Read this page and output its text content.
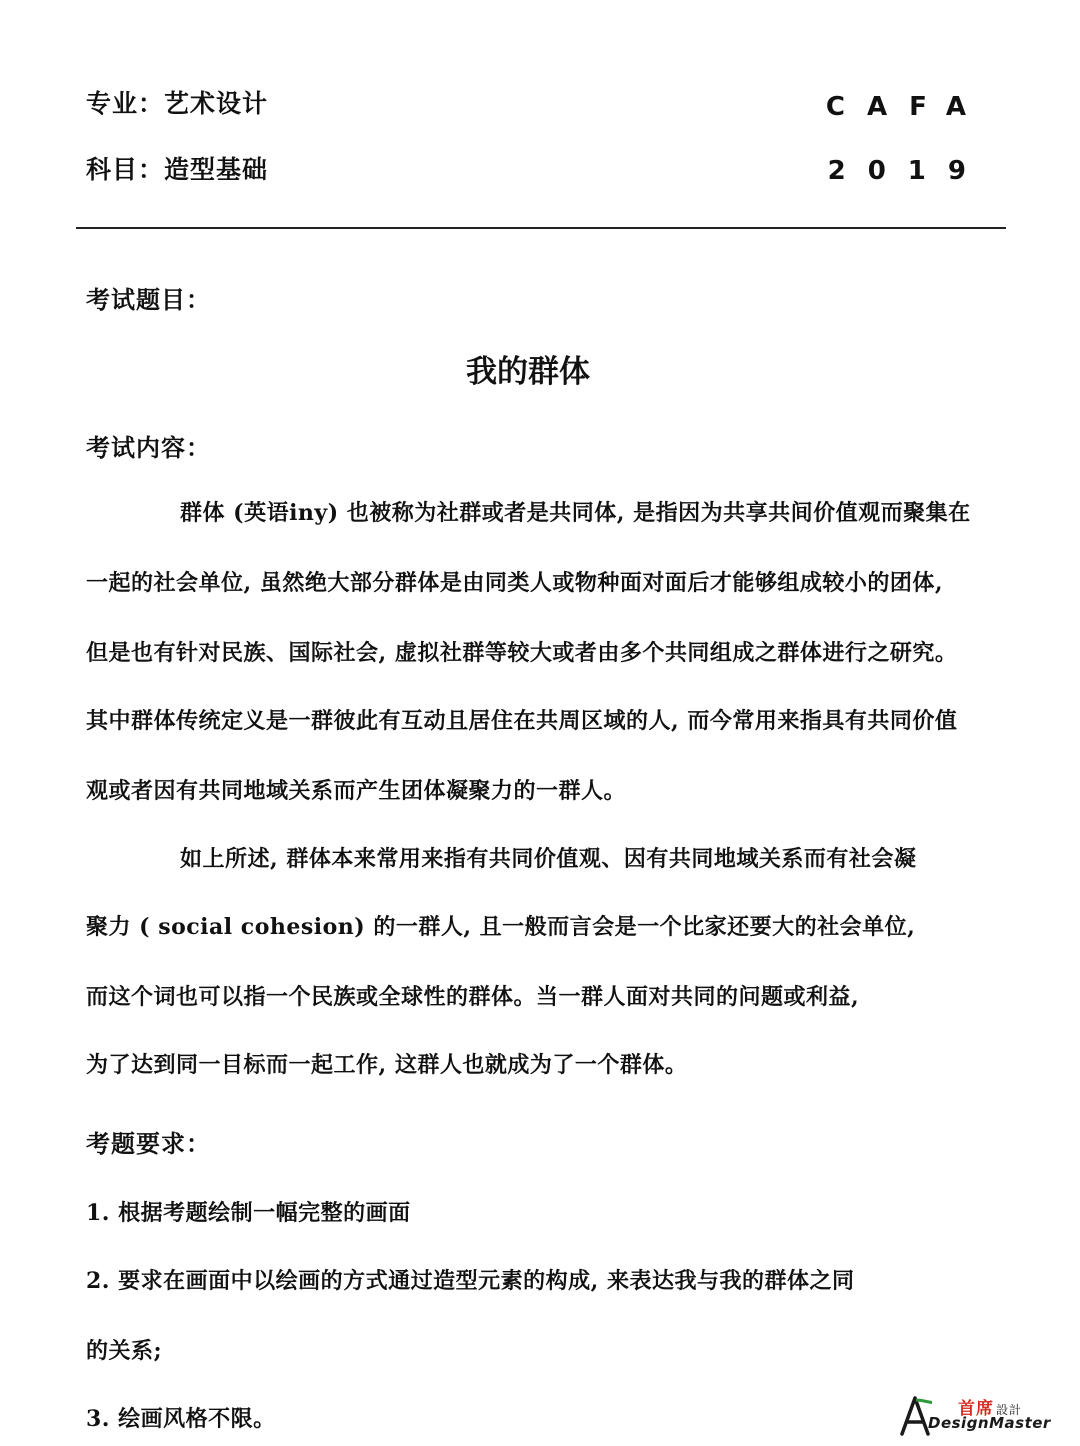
专业：艺术设计
科目：造型基础
CAFA
2019
考试题目：
我的群体
考试内容：
群体 (英语iny) 也被称为社群或者是共同体, 是指因为共享共间价值观而聚集在
一起的社会单位, 虽然绝大部分群体是由同类人或物种面对面后才能够组成较小的团体,
但是也有针对民族、国际社会, 虚拟社群等较大或者由多个共同组成之群体进行之研究。
其中群体传统定义是一群彼此有互动且居住在共周区域的人, 而今常用来指具有共同价值
观或者因有共同地域关系而产生团体凝聚力的一群人。
如上所述, 群体本来常用来指有共同价值观、因有共同地域关系而有社会凝
聚力 ( social cohesion) 的一群人, 且一般而言会是一个比家还要大的社会单位,
而这个词也可以指一个民族或全球性的群体。当一群人面对共同的问题或利益,
为了达到同一目标而一起工作, 这群人也就成为了一个群体。
考题要求：
1. 根据考题绘制一幅完整的画面
2. 要求在画面中以绘画的方式通过造型元素的构成, 来表达我与我的群体之同
的关系;
3. 绘画风格不限。	首席 設計
DesignMaster
